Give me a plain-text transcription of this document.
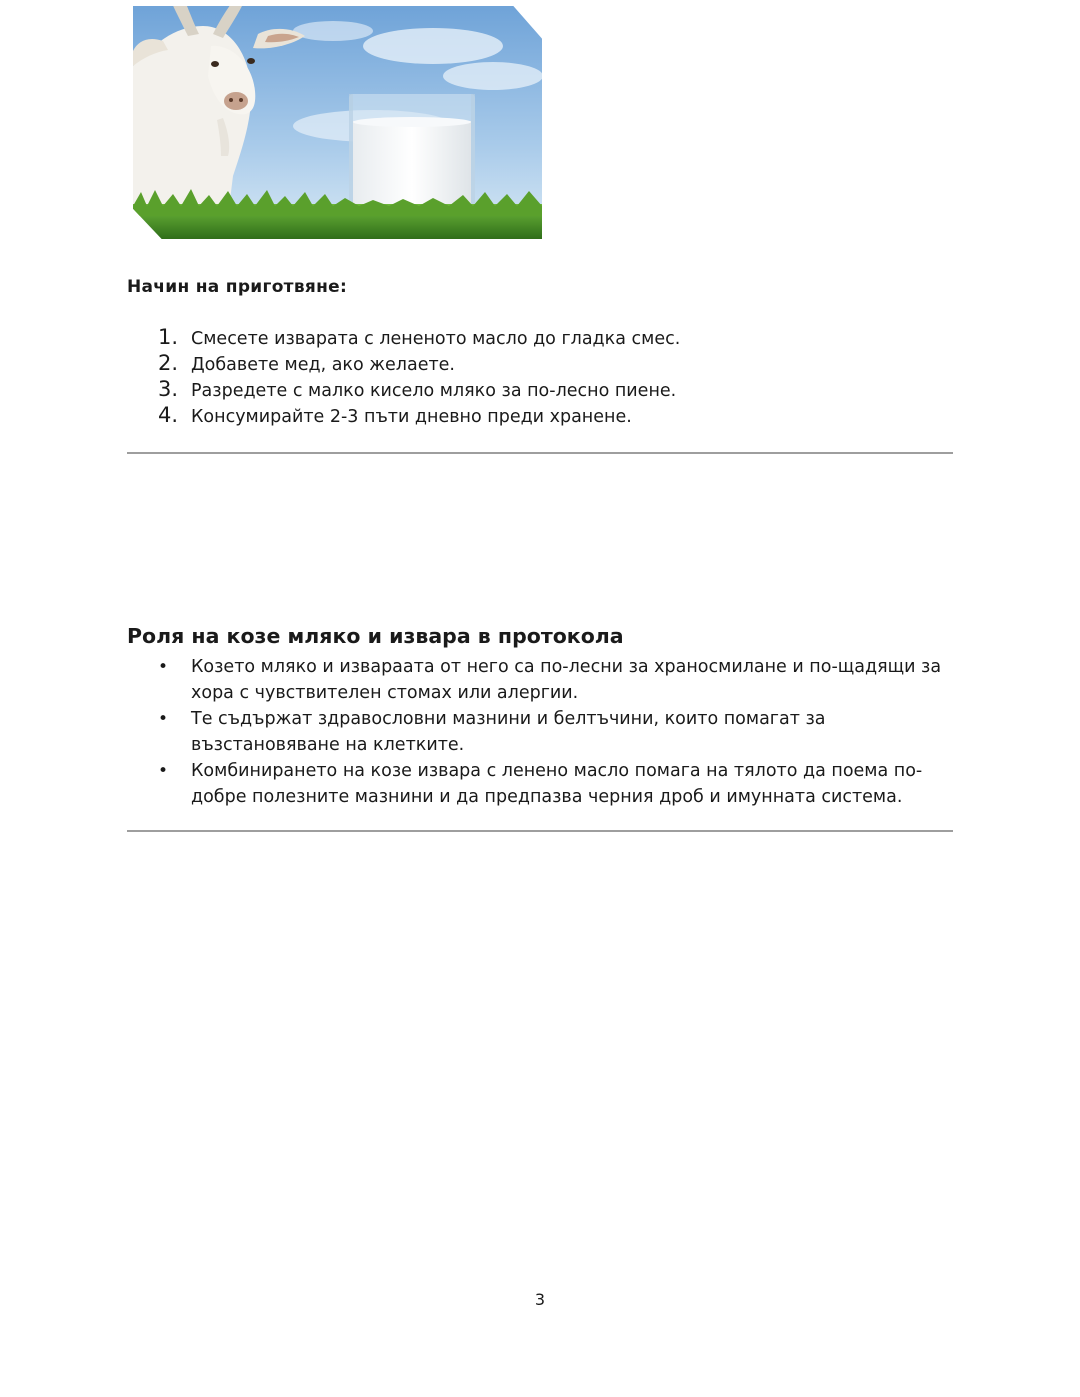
Начин на приготвяне:
1. Смесете изварата с лененото масло до гладка смес.
2. Добавете мед, ако желаете.
3. Разредете с малко кисело мляко за по-лесно пиене.
4. Консумирайте 2-3 пъти дневно преди хранене.
Роля на козе мляко и извара в протокола
•	Козето мляко и извараата от него са по-лесни за храносмилане и по-щадящи за хора с чувствителен стомах или алергии.
•	Те съдържат здравословни мазнини и белтъчини, които помагат за възстановяване на клетките.
•	Комбинирането на козе извара с ленено масло помага на тялото да поема по-добре полезните мазнини и да предпазва черния дроб и имунната система.
3
